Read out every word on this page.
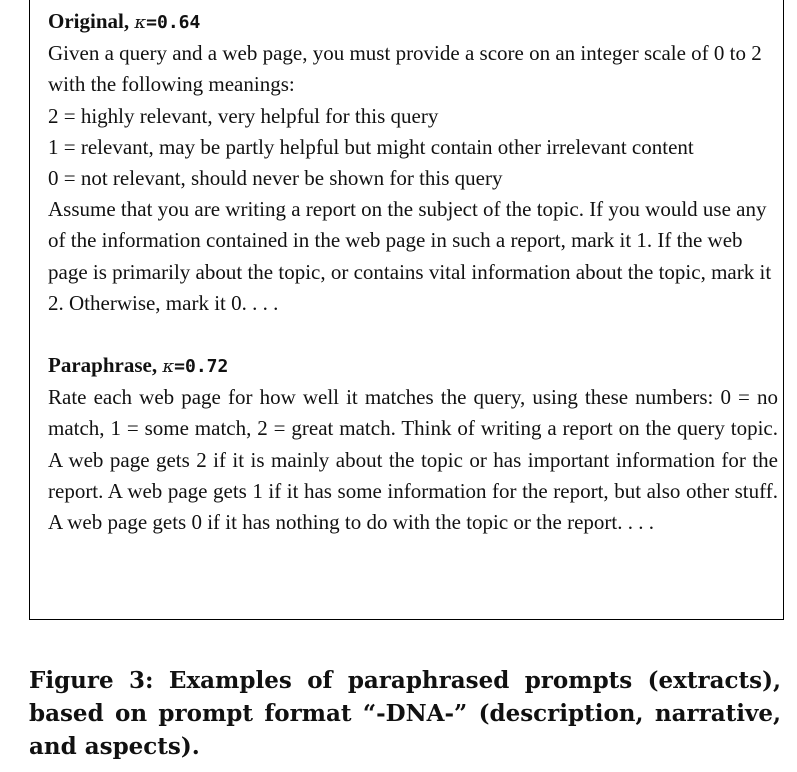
Original, κ=0.64

Given a query and a web page, you must provide a score on an integer scale of 0 to 2 with the following meanings:

2 = highly relevant, very helpful for this query

1 = relevant, may be partly helpful but might contain other irrelevant content

0 = not relevant, should never be shown for this query

Assume that you are writing a report on the subject of the topic. If you would use any of the information contained in the web page in such a report, mark it 1. If the web page is primarily about the topic, or contains vital information about the topic, mark it 2. Otherwise, mark it 0. . . .

Paraphrase, κ=0.72

Rate each web page for how well it matches the query, using these numbers: 0 = no match, 1 = some match, 2 = great match. Think of writing a report on the query topic. A web page gets 2 if it is mainly about the topic or has important information for the report. A web page gets 1 if it has some information for the report, but also other stuff. A web page gets 0 if it has nothing to do with the topic or the report. . . .

Figure 3: Examples of paraphrased prompts (extracts), based on prompt format “-DNA-” (description, narrative, and aspects).
